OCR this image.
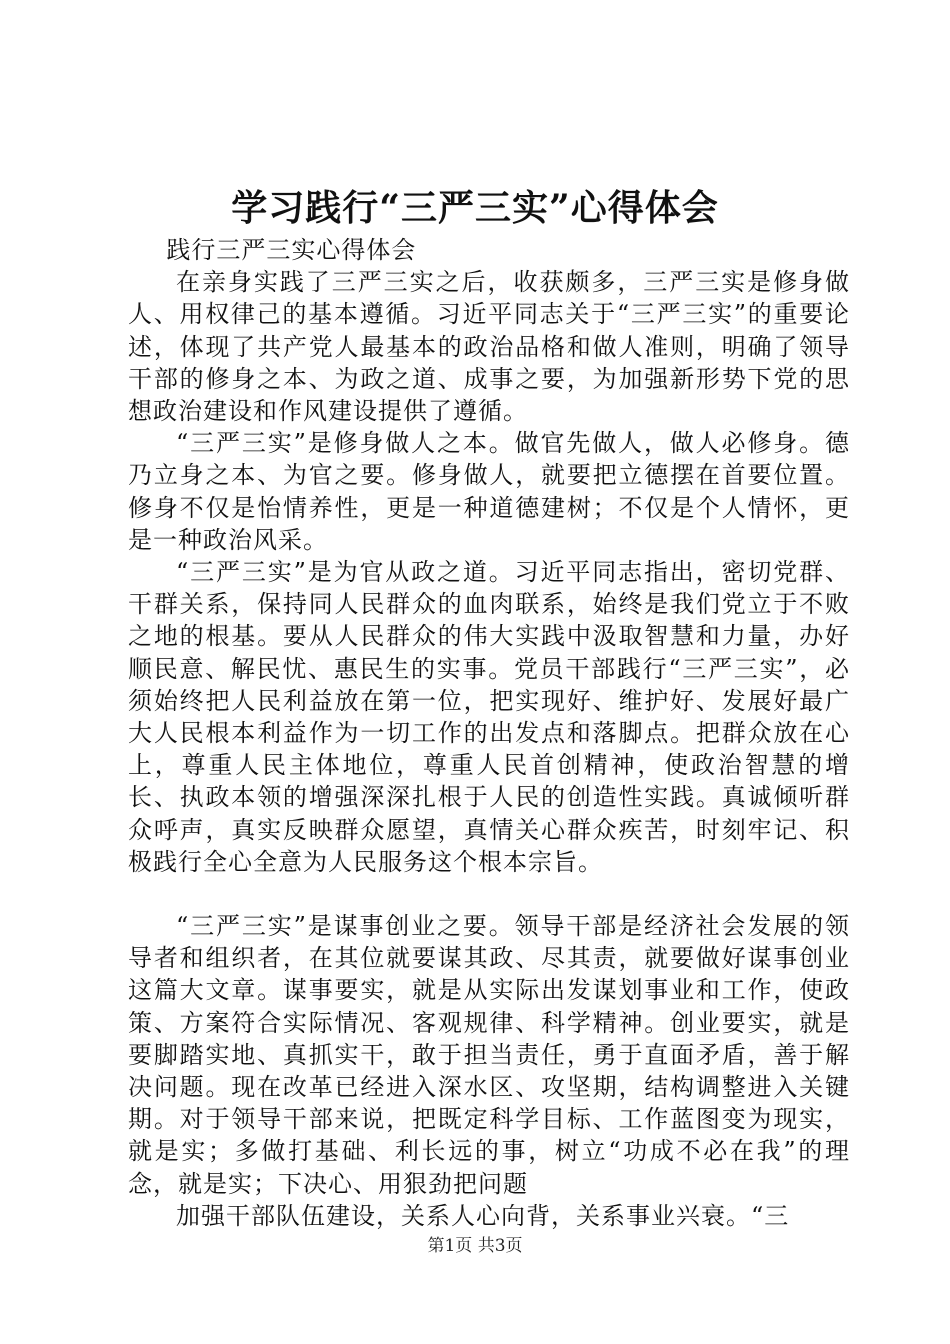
学习践行“三严三实”心得体会

践行三严三实心得体会

在亲身实践了三严三实之后，收获颇多，三严三实是修身做人、用权律己的基本遵循。习近平同志关于“三严三实”的重要论述，体现了共产党人最基本的政治品格和做人准则，明确了领导干部的修身之本、为政之道、成事之要，为加强新形势下党的思想政治建设和作风建设提供了遵循。

“三严三实”是修身做人之本。做官先做人，做人必修身。德乃立身之本、为官之要。修身做人，就要把立德摆在首要位置。修身不仅是怡情养性，更是一种道德建树；不仅是个人情怀，更是一种政治风采。

“三严三实”是为官从政之道。习近平同志指出，密切党群、干群关系，保持同人民群众的血肉联系，始终是我们党立于不败之地的根基。要从人民群众的伟大实践中汲取智慧和力量，办好顺民意、解民忧、惠民生的实事。党员干部践行“三严三实”，必须始终把人民利益放在第一位，把实现好、维护好、发展好最广大人民根本利益作为一切工作的出发点和落脚点。把群众放在心上，尊重人民主体地位，尊重人民首创精神，使政治智慧的增长、执政本领的增强深深扎根于人民的创造性实践。真诚倾听群众呼声，真实反映群众愿望，真情关心群众疾苦，时刻牢记、积极践行全心全意为人民服务这个根本宗旨。

“三严三实”是谋事创业之要。领导干部是经济社会发展的领导者和组织者，在其位就要谋其政、尽其责，就要做好谋事创业这篇大文章。谋事要实，就是从实际出发谋划事业和工作，使政策、方案符合实际情况、客观规律、科学精神。创业要实，就是要脚踏实地、真抓实干，敢于担当责任，勇于直面矛盾，善于解决问题。现在改革已经进入深水区、攻坚期，结构调整进入关键期。对于领导干部来说，把既定科学目标、工作蓝图变为现实，就是实；多做打基础、利长远的事，树立“功成不必在我”的理念，就是实；下决心、用狠劲把问题

加强干部队伍建设，关系人心向背，关系事业兴衰。“三

第1页 共3页
